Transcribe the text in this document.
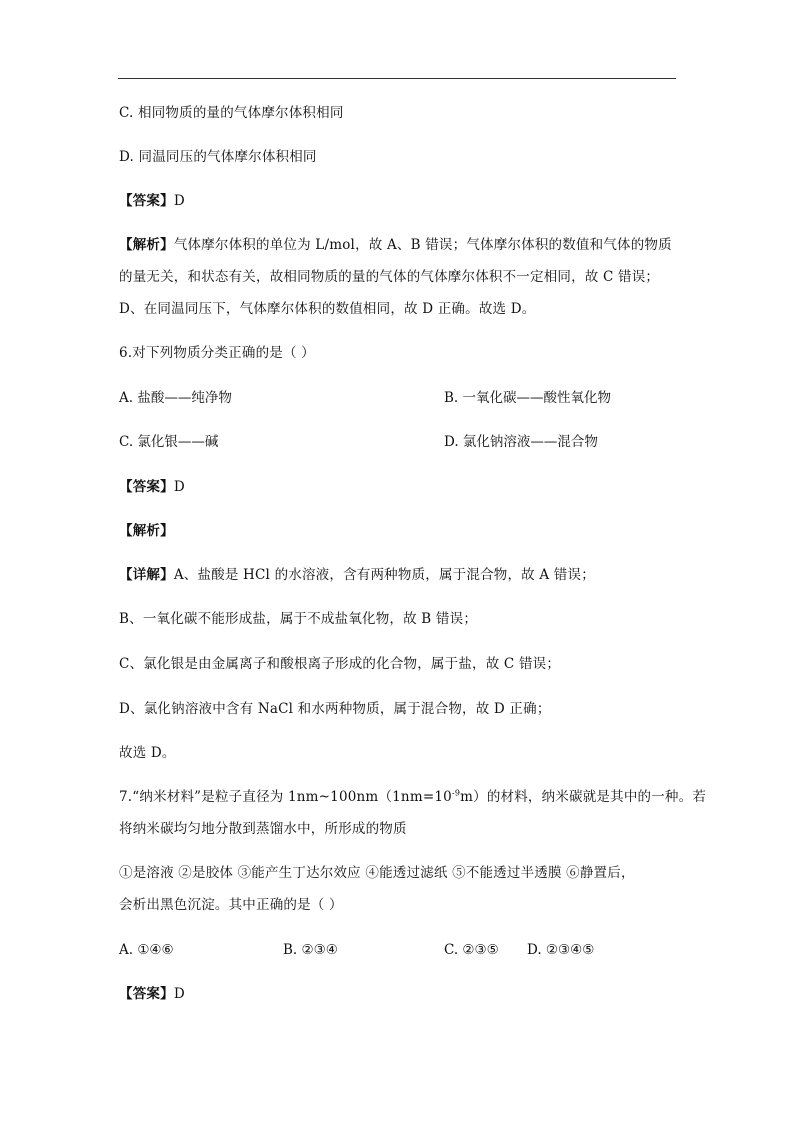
C. 相同物质的量的气体摩尔体积相同
D. 同温同压的气体摩尔体积相同
【答案】D
【解析】气体摩尔体积的单位为 L/mol，故 A、B 错误；气体摩尔体积的数值和气体的物质
的量无关，和状态有关，故相同物质的量的气体的气体摩尔体积不一定相同，故 C 错误；
D、在同温同压下，气体摩尔体积的数值相同，故 D 正确。故选 D。
6.对下列物质分类正确的是（ ）
A. 盐酸——纯净物	B. 一氧化碳——酸性氧化物
C. 氯化银——碱	D. 氯化钠溶液——混合物
【答案】D
【解析】
【详解】A、盐酸是 HCl 的水溶液，含有两种物质，属于混合物，故 A 错误；
B、一氧化碳不能形成盐，属于不成盐氧化物，故 B 错误；
C、氯化银是由金属离子和酸根离子形成的化合物，属于盐，故 C 错误；
D、氯化钠溶液中含有 NaCl 和水两种物质，属于混合物，故 D 正确；
故选 D。
7.“纳米材料”是粒子直径为 $1nm\sim 100nm(1nm=10^{-9}m)$的材料，纳米碳就是其中的一种。若
将纳米碳均匀地分散到蒸馏水中，所形成的物质
①是溶液 ②是胶体 ③能产生丁达尔效应 ④能透过滤纸 ⑤不能透过半透膜 ⑥静置后，
会析出黑色沉淀。其中正确的是（ ）
A. ①④⑥	B. ②③④	C. ②③⑤ D. ②③④⑤
【答案】D
